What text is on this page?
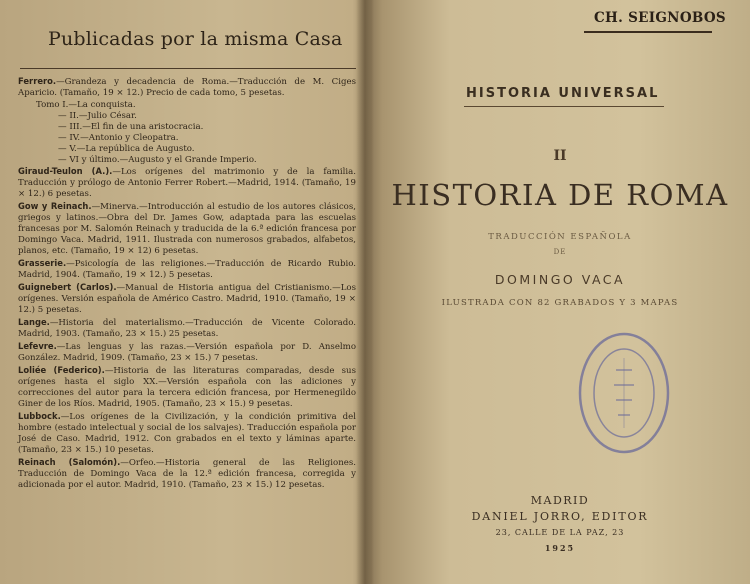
Publicadas por la misma Casa
Ferrero.—Grandeza y decadencia de Roma.—Traducción de M. Ciges Aparicio. (Tamaño, 19 × 12.) Precio de cada tomo, 5 pesetas.
Tomo I.—La conquista.
— II.—Julio César.
— III.—El fin de una aristocracia.
— IV.—Antonio y Cleopatra.
— V.—La república de Augusto.
— VI y último.—Augusto y el Grande Imperio.
Giraud-Teulon (A.).—Los orígenes del matrimonio y de la familia. Traducción y prólogo de Antonio Ferrer Robert.—Madrid, 1914. (Tamaño, 19 × 12.) 6 pesetas.
Gow y Reinach.—Minerva.—Introducción al estudio de los autores clásicos, griegos y latinos.—Obra del Dr. James Gow, adaptada para las escuelas francesas por M. Salomón Reinach y traducida de la 6.ª edición francesa por Domingo Vaca. Madrid, 1911. Ilustrada con numerosos grabados, alfabetos, planos, etc. (Tamaño, 19 × 12) 6 pesetas.
Grasserie.—Psicología de las religiones.—Traducción de Ricardo Rubio. Madrid, 1904. (Tamaño, 19 × 12.) 5 pesetas.
Guignebert (Carlos).—Manual de Historia antigua del Cristianismo.—Los orígenes. Versión española de Américo Castro. Madrid, 1910. (Tamaño, 19 × 12.) 5 pesetas.
Lange.—Historia del materialismo.—Traducción de Vicente Colorado. Madrid, 1903. (Tamaño, 23 × 15.) 25 pesetas.
Lefevre.—Las lenguas y las razas.—Versión española por D. Anselmo González. Madrid, 1909. (Tamaño, 23 × 15.) 7 pesetas.
Loliée (Federico).—Historia de las literaturas comparadas, desde sus orígenes hasta el siglo XX.—Versión española con las adiciones y correcciones del autor para la tercera edición francesa, por Hermenegildo Giner de los Ríos. Madrid, 1905. (Tamaño, 23 × 15.) 9 pesetas.
Lubbock.—Los orígenes de la Civilización, y la condición primitiva del hombre (estado intelectual y social de los salvajes). Traducción española por José de Caso. Madrid, 1912. Con grabados en el texto y láminas aparte. (Tamaño, 23 × 15.) 10 pesetas.
Reinach (Salomón).—Orfeo.—Historia general de las Religiones. Traducción de Domingo Vaca de la 12.ª edición francesa, corregida y adicionada por el autor. Madrid, 1910. (Tamaño, 23 × 15.) 12 pesetas.
CH. SEIGNOBOS
HISTORIA UNIVERSAL
II
HISTORIA DE ROMA
TRADUCCIÓN ESPAÑOLA
DE
DOMINGO VACA
ILUSTRADA CON 82 GRABADOS Y 3 MAPAS
MADRID
DANIEL JORRO, EDITOR
23, CALLE DE LA PAZ, 23
1925
